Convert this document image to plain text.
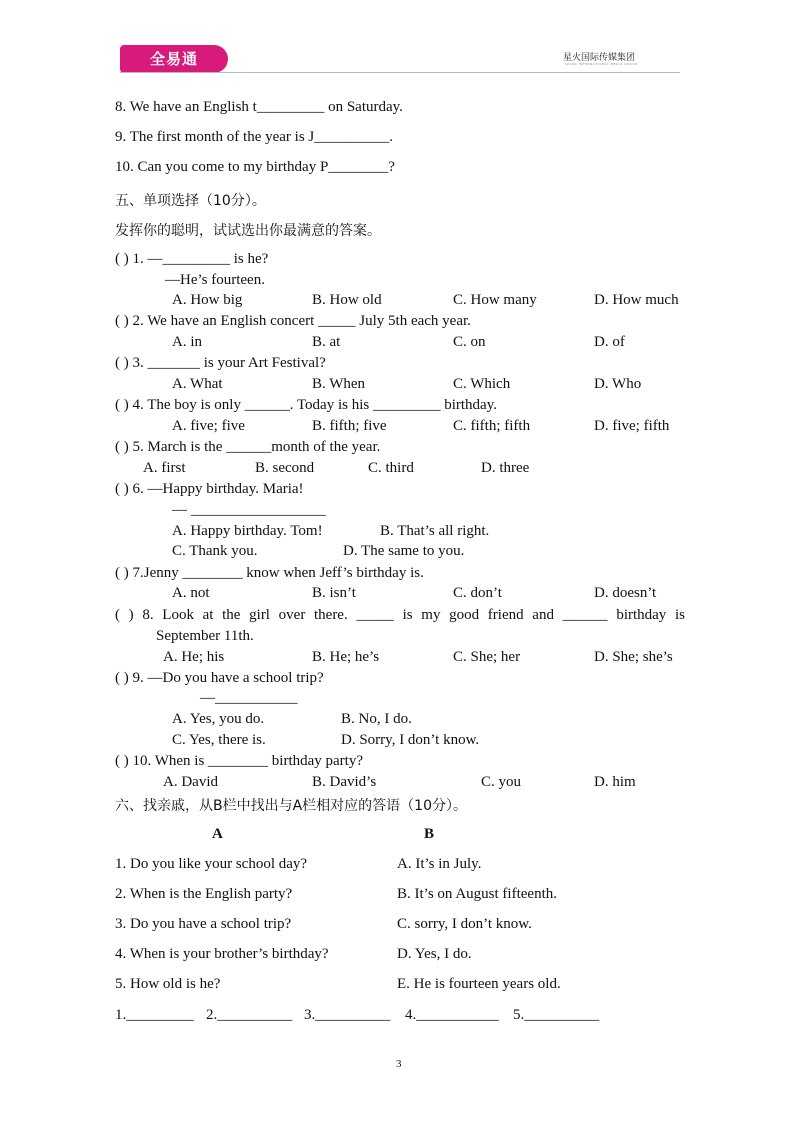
全易通	星火国际传媒集团
SPARK INTERNATIONAL MEDIA GROUP
8. We have an English t_________ on Saturday.
9. The first month of the year is J__________.
10. Can you come to my birthday P________?
五、单项选择（10分）。
发挥你的聪明，试试选出你最满意的答案。
( ) 1. —_________ is he?
—He’s fourteen.
A. How big	B. How old	C. How many	D. How much
( ) 2. We have an English concert _____ July 5th each year.
A. in	B. at	C. on	D. of
( ) 3. _______ is your Art Festival?
A. What	B. When	C. Which	D. Who
( ) 4. The boy is only ______. Today is his _________ birthday.
A. five; five	B. fifth; five	C. fifth; fifth	D. five; fifth
( ) 5. March is the ______month of the year.
A. first	B. second	C. third	D. three
( ) 6. —Happy birthday. Maria!
— __________________
A. Happy birthday. Tom!	B. That’s all right.
C. Thank you.	D. The same to you.
( ) 7.Jenny ________ know when Jeff’s birthday is.
A. not	B. isn’t	C. don’t	D. doesn’t
( ) 8. Look at the girl over there. _____ is my good friend and ______ birthday is
September 11th.
A. He; his	B. He; he’s	C. She; her	D. She; she’s
( ) 9. —Do you have a school trip?
—___________
A. Yes, you do.	B. No, I do.
C. Yes, there is.	D. Sorry, I don’t know.
( ) 10. When is ________ birthday party?
A. David	B. David’s	C. you	D. him
六、找亲戚，从B栏中找出与A栏相对应的答语（10分）。
A	B
1. Do you like your school day?	A. It’s in July.
2. When is the English party?	B. It’s on August fifteenth.
3. Do you have a school trip?	C. sorry, I don’t know.
4. When is your brother’s birthday?	D. Yes, I do.
5. How old is he?	E. He is fourteen years old.
1._________ 2.__________ 3.__________ 4.___________ 5.__________
3
